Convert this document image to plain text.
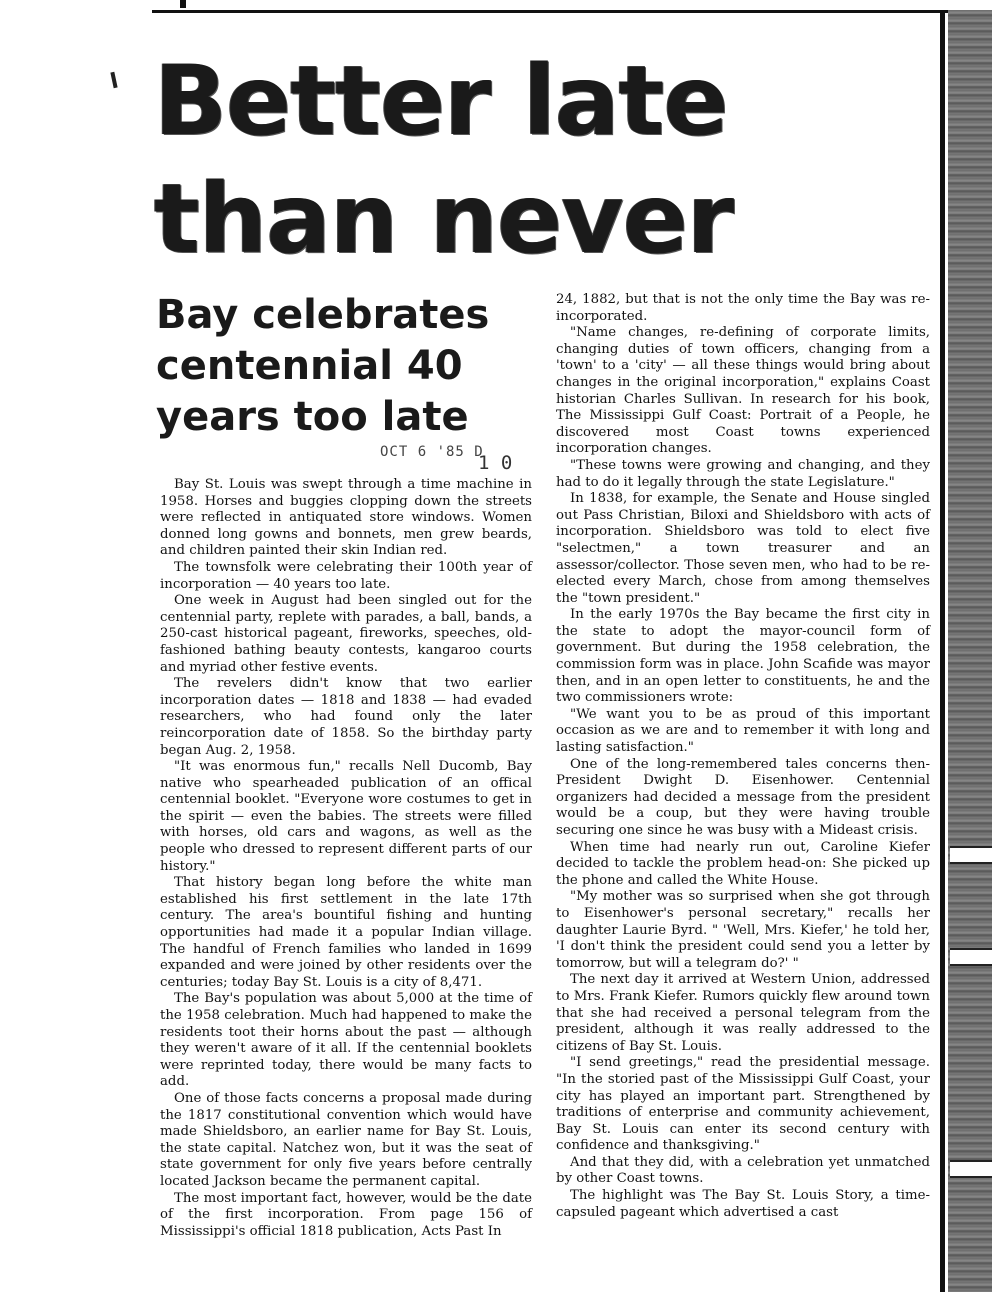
Better late than never
Bay celebrates centennial 40 years too late
OCT 6 '85 D
1 0

Bay St. Louis was swept through a time machine in 1958. Horses and buggies clopping down the streets were reflected in antiquated store windows. Women donned long gowns and bonnets, men grew beards, and children painted their skin Indian red.

The townsfolk were celebrating their 100th year of incorporation — 40 years too late.

One week in August had been singled out for the centennial party, replete with parades, a ball, bands, a 250-cast historical pageant, fireworks, speeches, old-fashioned bathing beauty contests, kangaroo courts and myriad other festive events.

The revelers didn't know that two earlier incorporation dates — 1818 and 1838 — had evaded researchers, who had found only the later reincorporation date of 1858. So the birthday party began Aug. 2, 1958.

"It was enormous fun," recalls Nell Ducomb, Bay native who spearheaded publication of an offical centennial booklet. "Everyone wore costumes to get in the spirit — even the babies. The streets were filled with horses, old cars and wagons, as well as the people who dressed to represent different parts of our history."

That history began long before the white man established his first settlement in the late 17th century. The area's bountiful fishing and hunting opportunities had made it a popular Indian village. The handful of French families who landed in 1699 expanded and were joined by other residents over the centuries; today Bay St. Louis is a city of 8,471.

The Bay's population was about 5,000 at the time of the 1958 celebration. Much had happened to make the residents toot their horns about the past — although they weren't aware of it all. If the centennial booklets were reprinted today, there would be many facts to add.

One of those facts concerns a proposal made during the 1817 constitutional convention which would have made Shieldsboro, an earlier name for Bay St. Louis, the state capital. Natchez won, but it was the seat of state government for only five years before centrally located Jackson became the permanent capital.

The most important fact, however, would be the date of the first incorporation. From page 156 of Mississippi's official 1818 publication, Acts Past In

24, 1882, but that is not the only time the Bay was re-incorporated.

"Name changes, re-defining of corporate limits, changing duties of town officers, changing from a 'town' to a 'city' — all these things would bring about changes in the original incorporation," explains Coast historian Charles Sullivan. In research for his book, The Mississippi Gulf Coast: Portrait of a People, he discovered most Coast towns experienced incorporation changes.

"These towns were growing and changing, and they had to do it legally through the state Legislature."

In 1838, for example, the Senate and House singled out Pass Christian, Biloxi and Shieldsboro with acts of incorporation. Shieldsboro was told to elect five "selectmen," a town treasurer and an assessor/collector. Those seven men, who had to be re-elected every March, chose from among themselves the "town president."

In the early 1970s the Bay became the first city in the state to adopt the mayor-council form of government. But during the 1958 celebration, the commission form was in place. John Scafide was mayor then, and in an open letter to constituents, he and the two commissioners wrote:

"We want you to be as proud of this important occasion as we are and to remember it with long and lasting satisfaction."

One of the long-remembered tales concerns then-President Dwight D. Eisenhower. Centennial organizers had decided a message from the president would be a coup, but they were having trouble securing one since he was busy with a Mideast crisis.

When time had nearly run out, Caroline Kiefer decided to tackle the problem head-on: She picked up the phone and called the White House.

"My mother was so surprised when she got through to Eisenhower's personal secretary," recalls her daughter Laurie Byrd. " 'Well, Mrs. Kiefer,' he told her, 'I don't think the president could send you a letter by tomorrow, but will a telegram do?' "

The next day it arrived at Western Union, addressed to Mrs. Frank Kiefer. Rumors quickly flew around town that she had received a personal telegram from the president, although it was really addressed to the citizens of Bay St. Louis.

"I send greetings," read the presidential message. "In the storied past of the Mississippi Gulf Coast, your city has played an important part. Strengthened by traditions of enterprise and community achievement, Bay St. Louis can enter its second century with confidence and thanksgiving."

And that they did, with a celebration yet unmatched by other Coast towns.

The highlight was The Bay St. Louis Story, a time-capsuled pageant which advertised a cast
